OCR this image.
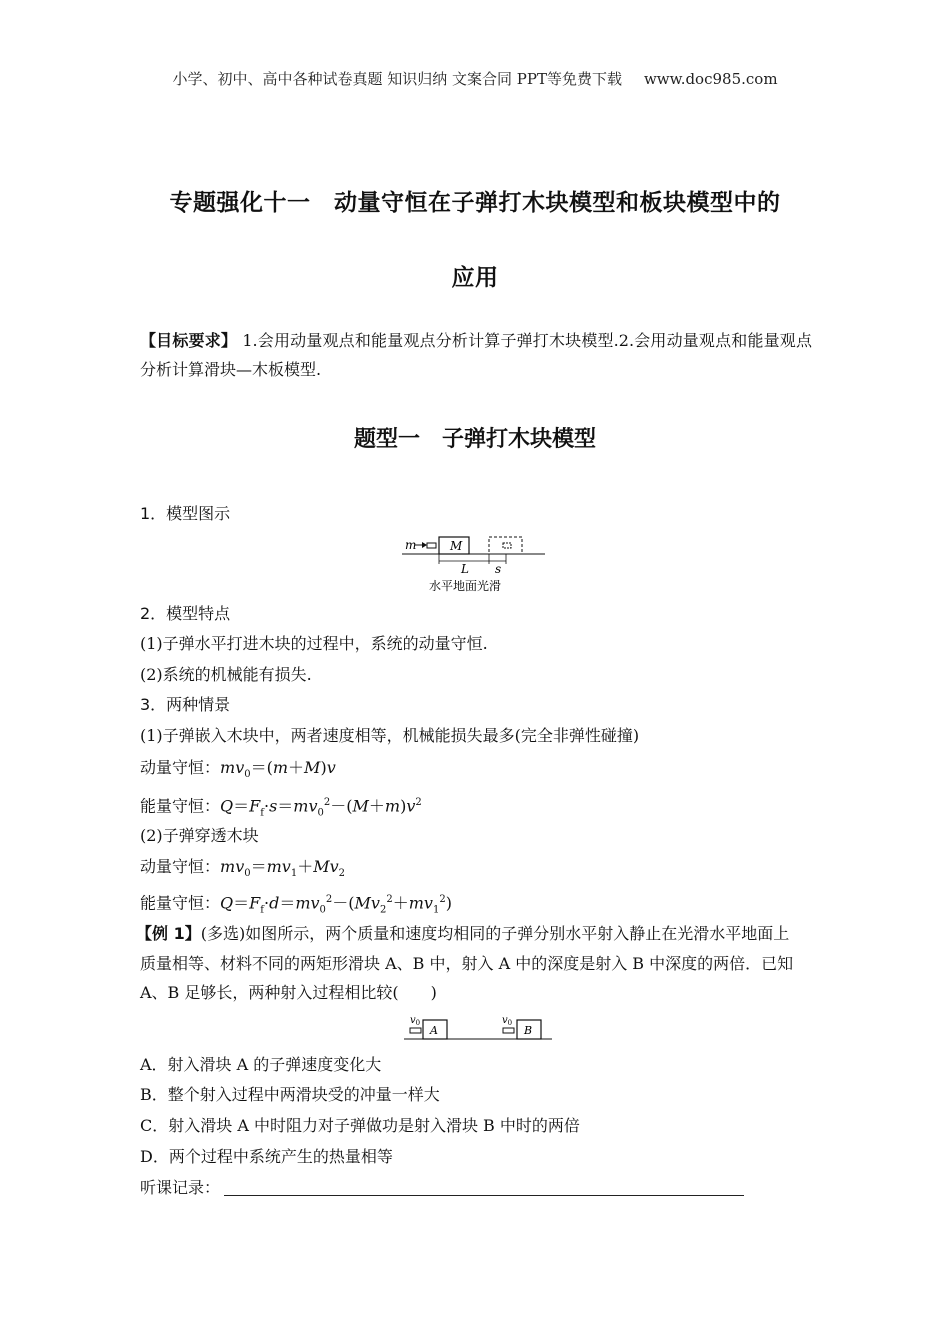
小学、初中、高中各种试卷真题 知识归纳 文案合同 PPT等免费下载 www.doc985.com
专题强化十一　动量守恒在子弹打木块模型和板块模型中的
应用
【目标要求】 1.会用动量观点和能量观点分析计算子弹打木块模型.2.会用动量观点和能量观点分析计算滑块—木板模型.
题型一　子弹打木块模型
1．模型图示
m	M
L s
水平地面光滑
2．模型特点
(1)子弹水平打进木块的过程中，系统的动量守恒.
(2)系统的机械能有损失.
3．两种情景
(1)子弹嵌入木块中，两者速度相等，机械能损失最多(完全非弹性碰撞)
动量守恒：$mv_0=(m+M)v$
能量守恒：$Q=F_f\cdot s=mv_0^2-(M+m)v^2$
(2)子弹穿透木块
动量守恒：$mv_0=mv_1+Mv_2$
能量守恒：$Q=F_f\cdot d=mv_0^2-(Mv_2^2+mv_1^2)$
【例 1】(多选)如图所示，两个质量和速度均相同的子弹分别水平射入静止在光滑水平地面上
质量相等、材料不同的两矩形滑块 A、B 中，射入 A 中的深度是射入 B 中深度的两倍．已知
A、B 足够长，两种射入过程相比较(　　)
$v_0$
A
$v_0$
B
A．射入滑块 A 的子弹速度变化大
B．整个射入过程中两滑块受的冲量一样大
C．射入滑块 A 中时阻力对子弹做功是射入滑块 B 中时的两倍
D．两个过程中系统产生的热量相等
听课记录：
